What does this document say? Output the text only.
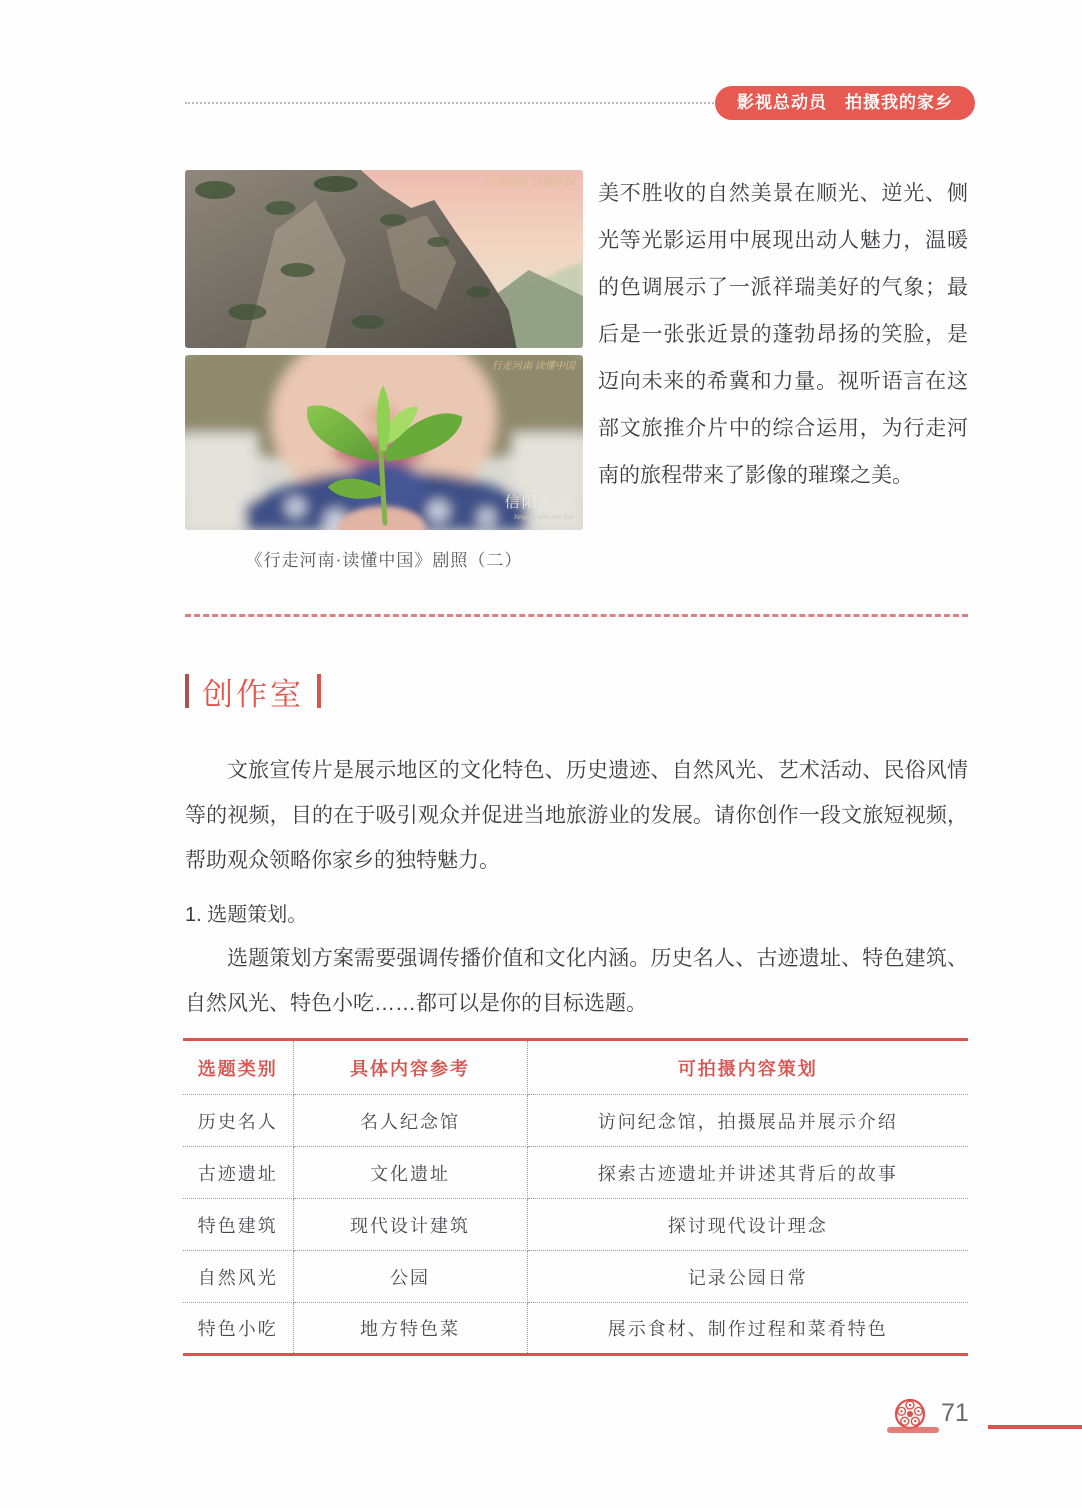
影视总动员　拍摄我的家乡
行走河南 读懂中国
行走河南 读懂中国
信阳毛尖
Xinyang Mao Jian Tea
《行走河南·读懂中国》剧照（二）

美不胜收的自然美景在顺光、逆光、侧光等光影运用中展现出动人魅力，温暖的色调展示了一派祥瑞美好的气象；最后是一张张近景的蓬勃昂扬的笑脸，是迈向未来的希冀和力量。视听语言在这部文旅推介片中的综合运用，为行走河南的旅程带来了影像的璀璨之美。

创作室

文旅宣传片是展示地区的文化特色、历史遗迹、自然风光、艺术活动、民俗风情等的视频，目的在于吸引观众并促进当地旅游业的发展。请你创作一段文旅短视频，帮助观众领略你家乡的独特魅力。

1. 选题策划。

选题策划方案需要强调传播价值和文化内涵。历史名人、古迹遗址、特色建筑、自然风光、特色小吃……都可以是你的目标选题。

选题类别	具体内容参考	可拍摄内容策划
历史名人	名人纪念馆	访问纪念馆，拍摄展品并展示介绍
古迹遗址	文化遗址	探索古迹遗址并讲述其背后的故事
特色建筑	现代设计建筑	探讨现代设计理念
自然风光	公园	记录公园日常
特色小吃	地方特色菜	展示食材、制作过程和菜肴特色
71
